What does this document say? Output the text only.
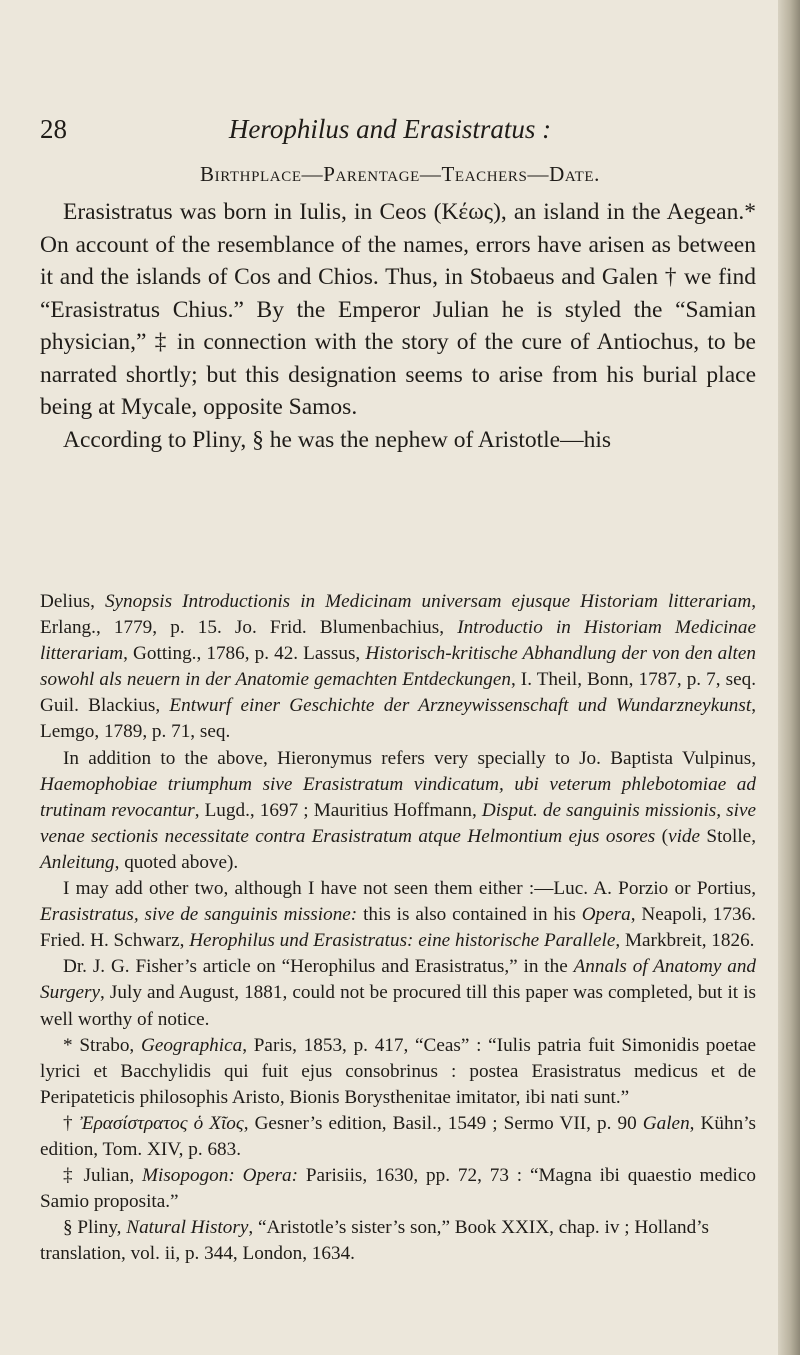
28	Herophilus and Erasistratus :
Birthplace—Parentage—Teachers—Date.

Erasistratus was born in Iulis, in Ceos (Κέως), an island in the Aegean.* On account of the resemblance of the names, errors have arisen as between it and the islands of Cos and Chios. Thus, in Stobaeus and Galen † we find “Erasistratus Chius.” By the Emperor Julian he is styled the “Samian physician,” ‡ in connection with the story of the cure of Antiochus, to be narrated shortly; but this designation seems to arise from his burial place being at Mycale, opposite Samos.

According to Pliny, § he was the nephew of Aristotle—his

Delius, Synopsis Introductionis in Medicinam universam ejusque Historiam litterariam, Erlang., 1779, p. 15. Jo. Frid. Blumenbachius, Introductio in Historiam Medicinae litterariam, Gotting., 1786, p. 42. Lassus, Historisch-kritische Abhandlung der von den alten sowohl als neuern in der Anatomie gemachten Entdeckungen, I. Theil, Bonn, 1787, p. 7, seq. Guil. Blackius, Entwurf einer Geschichte der Arzneywissenschaft und Wundarzneykunst, Lemgo, 1789, p. 71, seq.

In addition to the above, Hieronymus refers very specially to Jo. Baptista Vulpinus, Haemophobiae triumphum sive Erasistratum vindicatum, ubi veterum phlebotomiae ad trutinam revocantur, Lugd., 1697 ; Mauritius Hoffmann, Disput. de sanguinis missionis, sive venae sectionis necessitate contra Erasistratum atque Helmontium ejus osores (vide Stolle, Anleitung, quoted above).

I may add other two, although I have not seen them either :—Luc. A. Porzio or Portius, Erasistratus, sive de sanguinis missione: this is also contained in his Opera, Neapoli, 1736. Fried. H. Schwarz, Herophilus und Erasistratus: eine historische Parallele, Markbreit, 1826.

Dr. J. G. Fisher’s article on “Herophilus and Erasistratus,” in the Annals of Anatomy and Surgery, July and August, 1881, could not be procured till this paper was completed, but it is well worthy of notice.

* Strabo, Geographica, Paris, 1853, p. 417, “Ceas” : “Iulis patria fuit Simonidis poetae lyrici et Bacchylidis qui fuit ejus consobrinus : postea Erasistratus medicus et de Peripateticis philosophis Aristo, Bionis Borysthenitae imitator, ibi nati sunt.”

† Ἐρασίστρατος ὁ Χῖος, Gesner’s edition, Basil., 1549 ; Sermo VII, p. 90 Galen, Kühn’s edition, Tom. XIV, p. 683.

‡ Julian, Misopogon: Opera: Parisiis, 1630, pp. 72, 73 : “Magna ibi quaestio medico Samio proposita.”

§ Pliny, Natural History, “Aristotle’s sister’s son,” Book XXIX, chap. iv ; Holland’s translation, vol. ii, p. 344, London, 1634.
